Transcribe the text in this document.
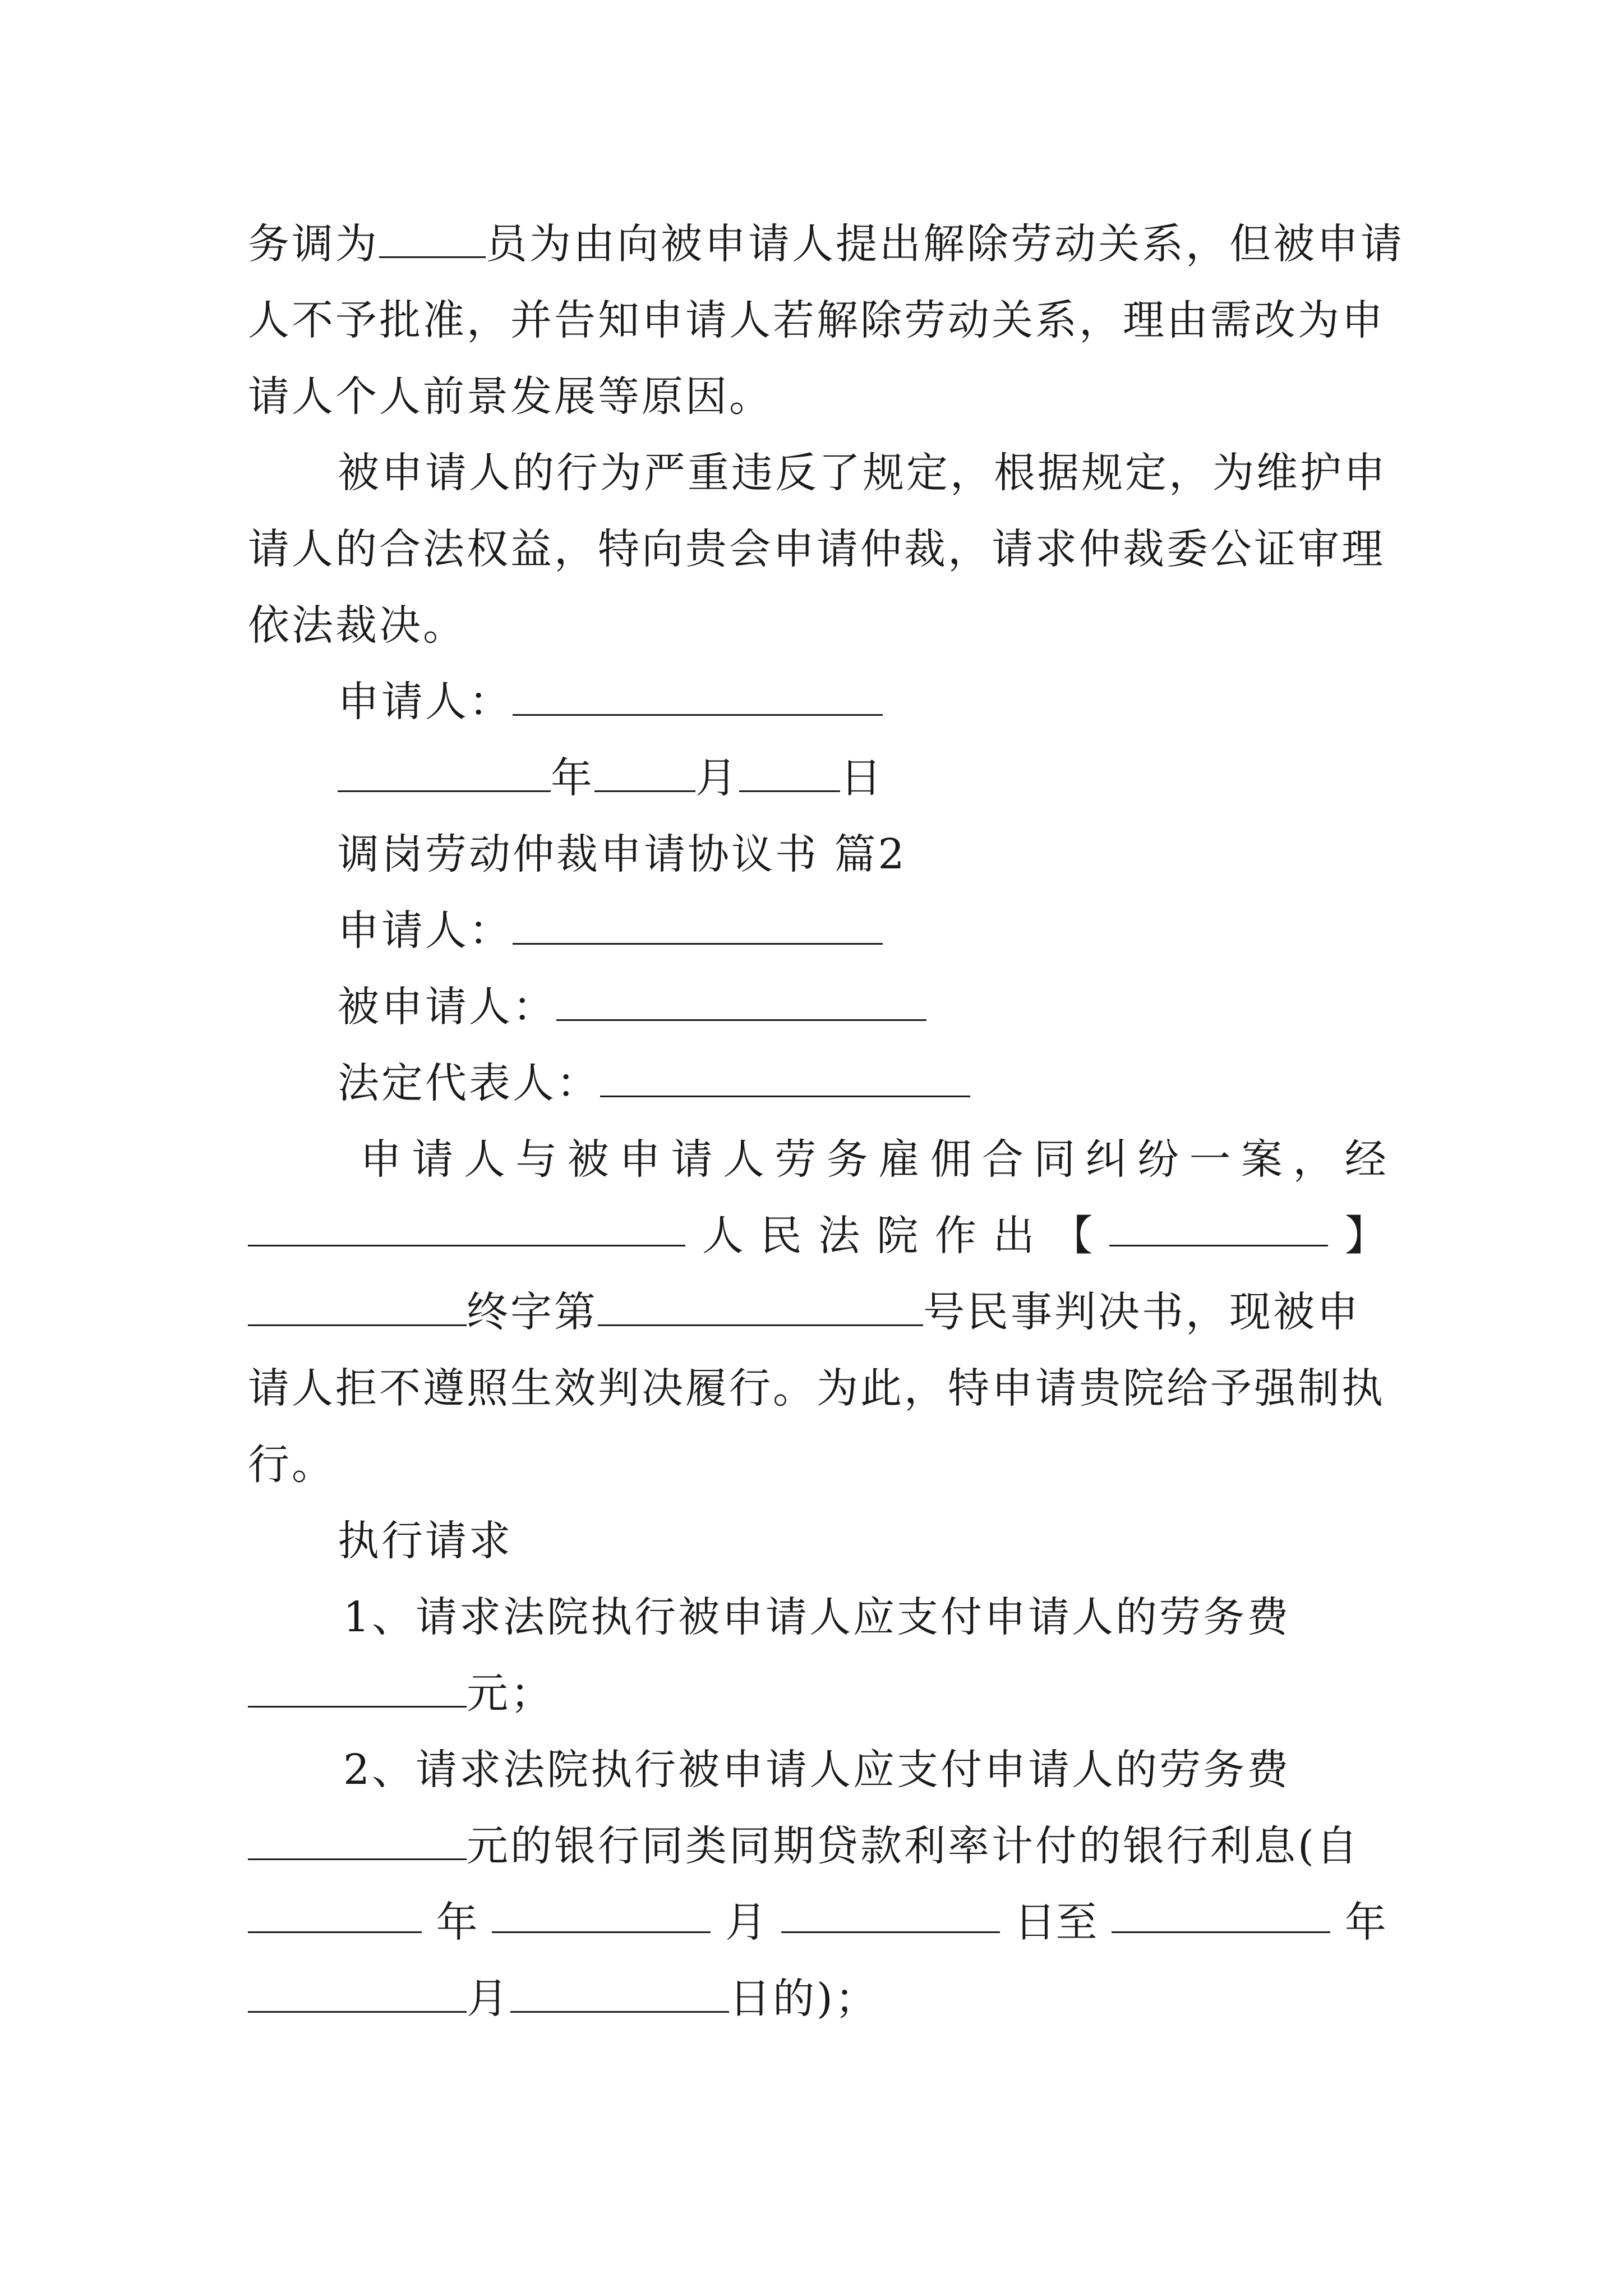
务调为	员为由向被申请人提出解除劳动关系，但被申请
人不予批准，并告知申请人若解除劳动关系，理由需改为申
请人个人前景发展等原因。
被申请人的行为严重违反了规定，根据规定，为维护申
请人的合法权益，特向贵会申请仲裁，请求仲裁委公证审理
依法裁决。
申请人：
年 月 日
调岗劳动仲裁申请协议书 篇2
申请人：
被申请人：
法定代表人：
申 请 人 与 被 申 请 人 劳 务 雇 佣 合 同 纠 纷 一 案 ， 经
人 民 法 院 作 出 【	】
终字第	号民事判决书，现被申
请人拒不遵照生效判决履行。为此，特申请贵院给予强制执
行。
执行请求
1、请求法院执行被申请人应支付申请人的劳务费
元；
2、请求法院执行被申请人应支付申请人的劳务费
元的银行同类同期贷款利率计付的银行利息(自
年	月	日至	年
月	日的)；
